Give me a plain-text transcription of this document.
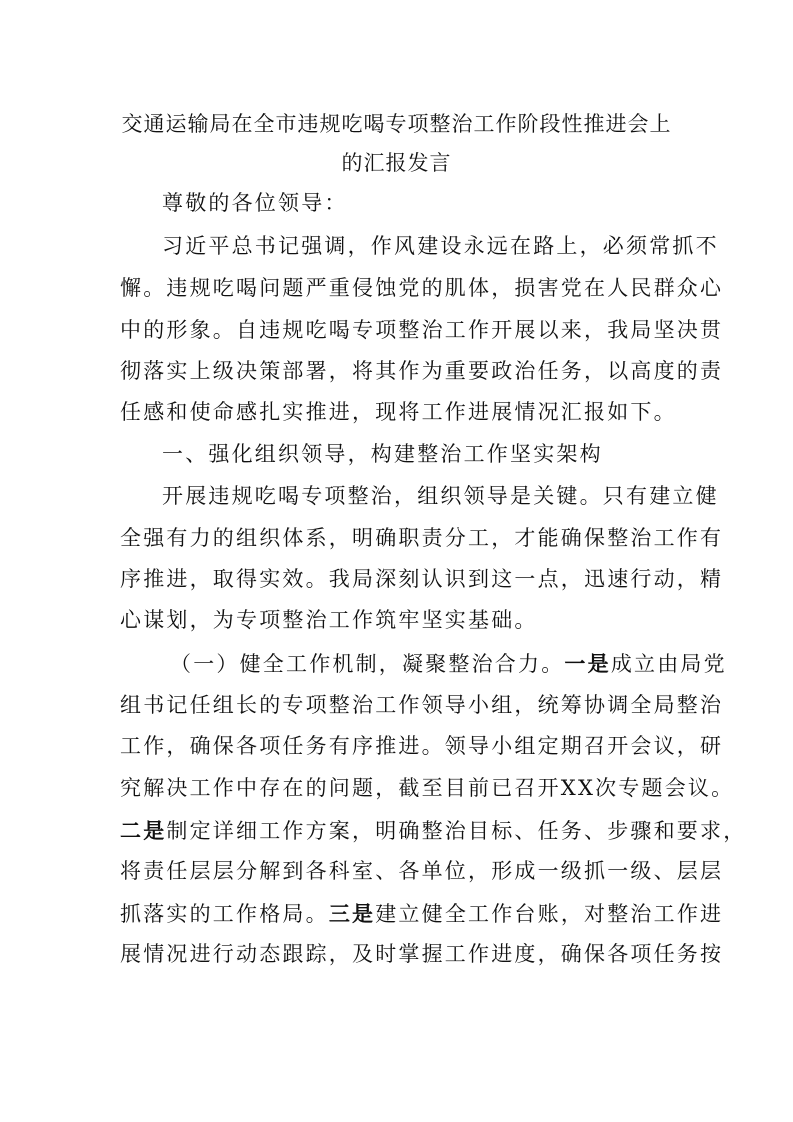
交通运输局在全市违规吃喝专项整治工作阶段性推进会上
的汇报发言
尊敬的各位领导：
习近平总书记强调，作风建设永远在路上，必须常抓不
懈。违规吃喝问题严重侵蚀党的肌体，损害党在人民群众心
中的形象。自违规吃喝专项整治工作开展以来，我局坚决贯
彻落实上级决策部署，将其作为重要政治任务，以高度的责
任感和使命感扎实推进，现将工作进展情况汇报如下。
一、强化组织领导，构建整治工作坚实架构
开展违规吃喝专项整治，组织领导是关键。只有建立健
全强有力的组织体系，明确职责分工，才能确保整治工作有
序推进，取得实效。我局深刻认识到这一点，迅速行动，精
心谋划，为专项整治工作筑牢坚实基础。
（一）健全工作机制，凝聚整治合力。一是成立由局党
组书记任组长的专项整治工作领导小组，统筹协调全局整治
工作，确保各项任务有序推进。领导小组定期召开会议，研
究解决工作中存在的问题，截至目前已召开XX次专题会议。
二是制定详细工作方案，明确整治目标、任务、步骤和要求，
将责任层层分解到各科室、各单位，形成一级抓一级、层层
抓落实的工作格局。三是建立健全工作台账，对整治工作进
展情况进行动态跟踪，及时掌握工作进度，确保各项任务按
